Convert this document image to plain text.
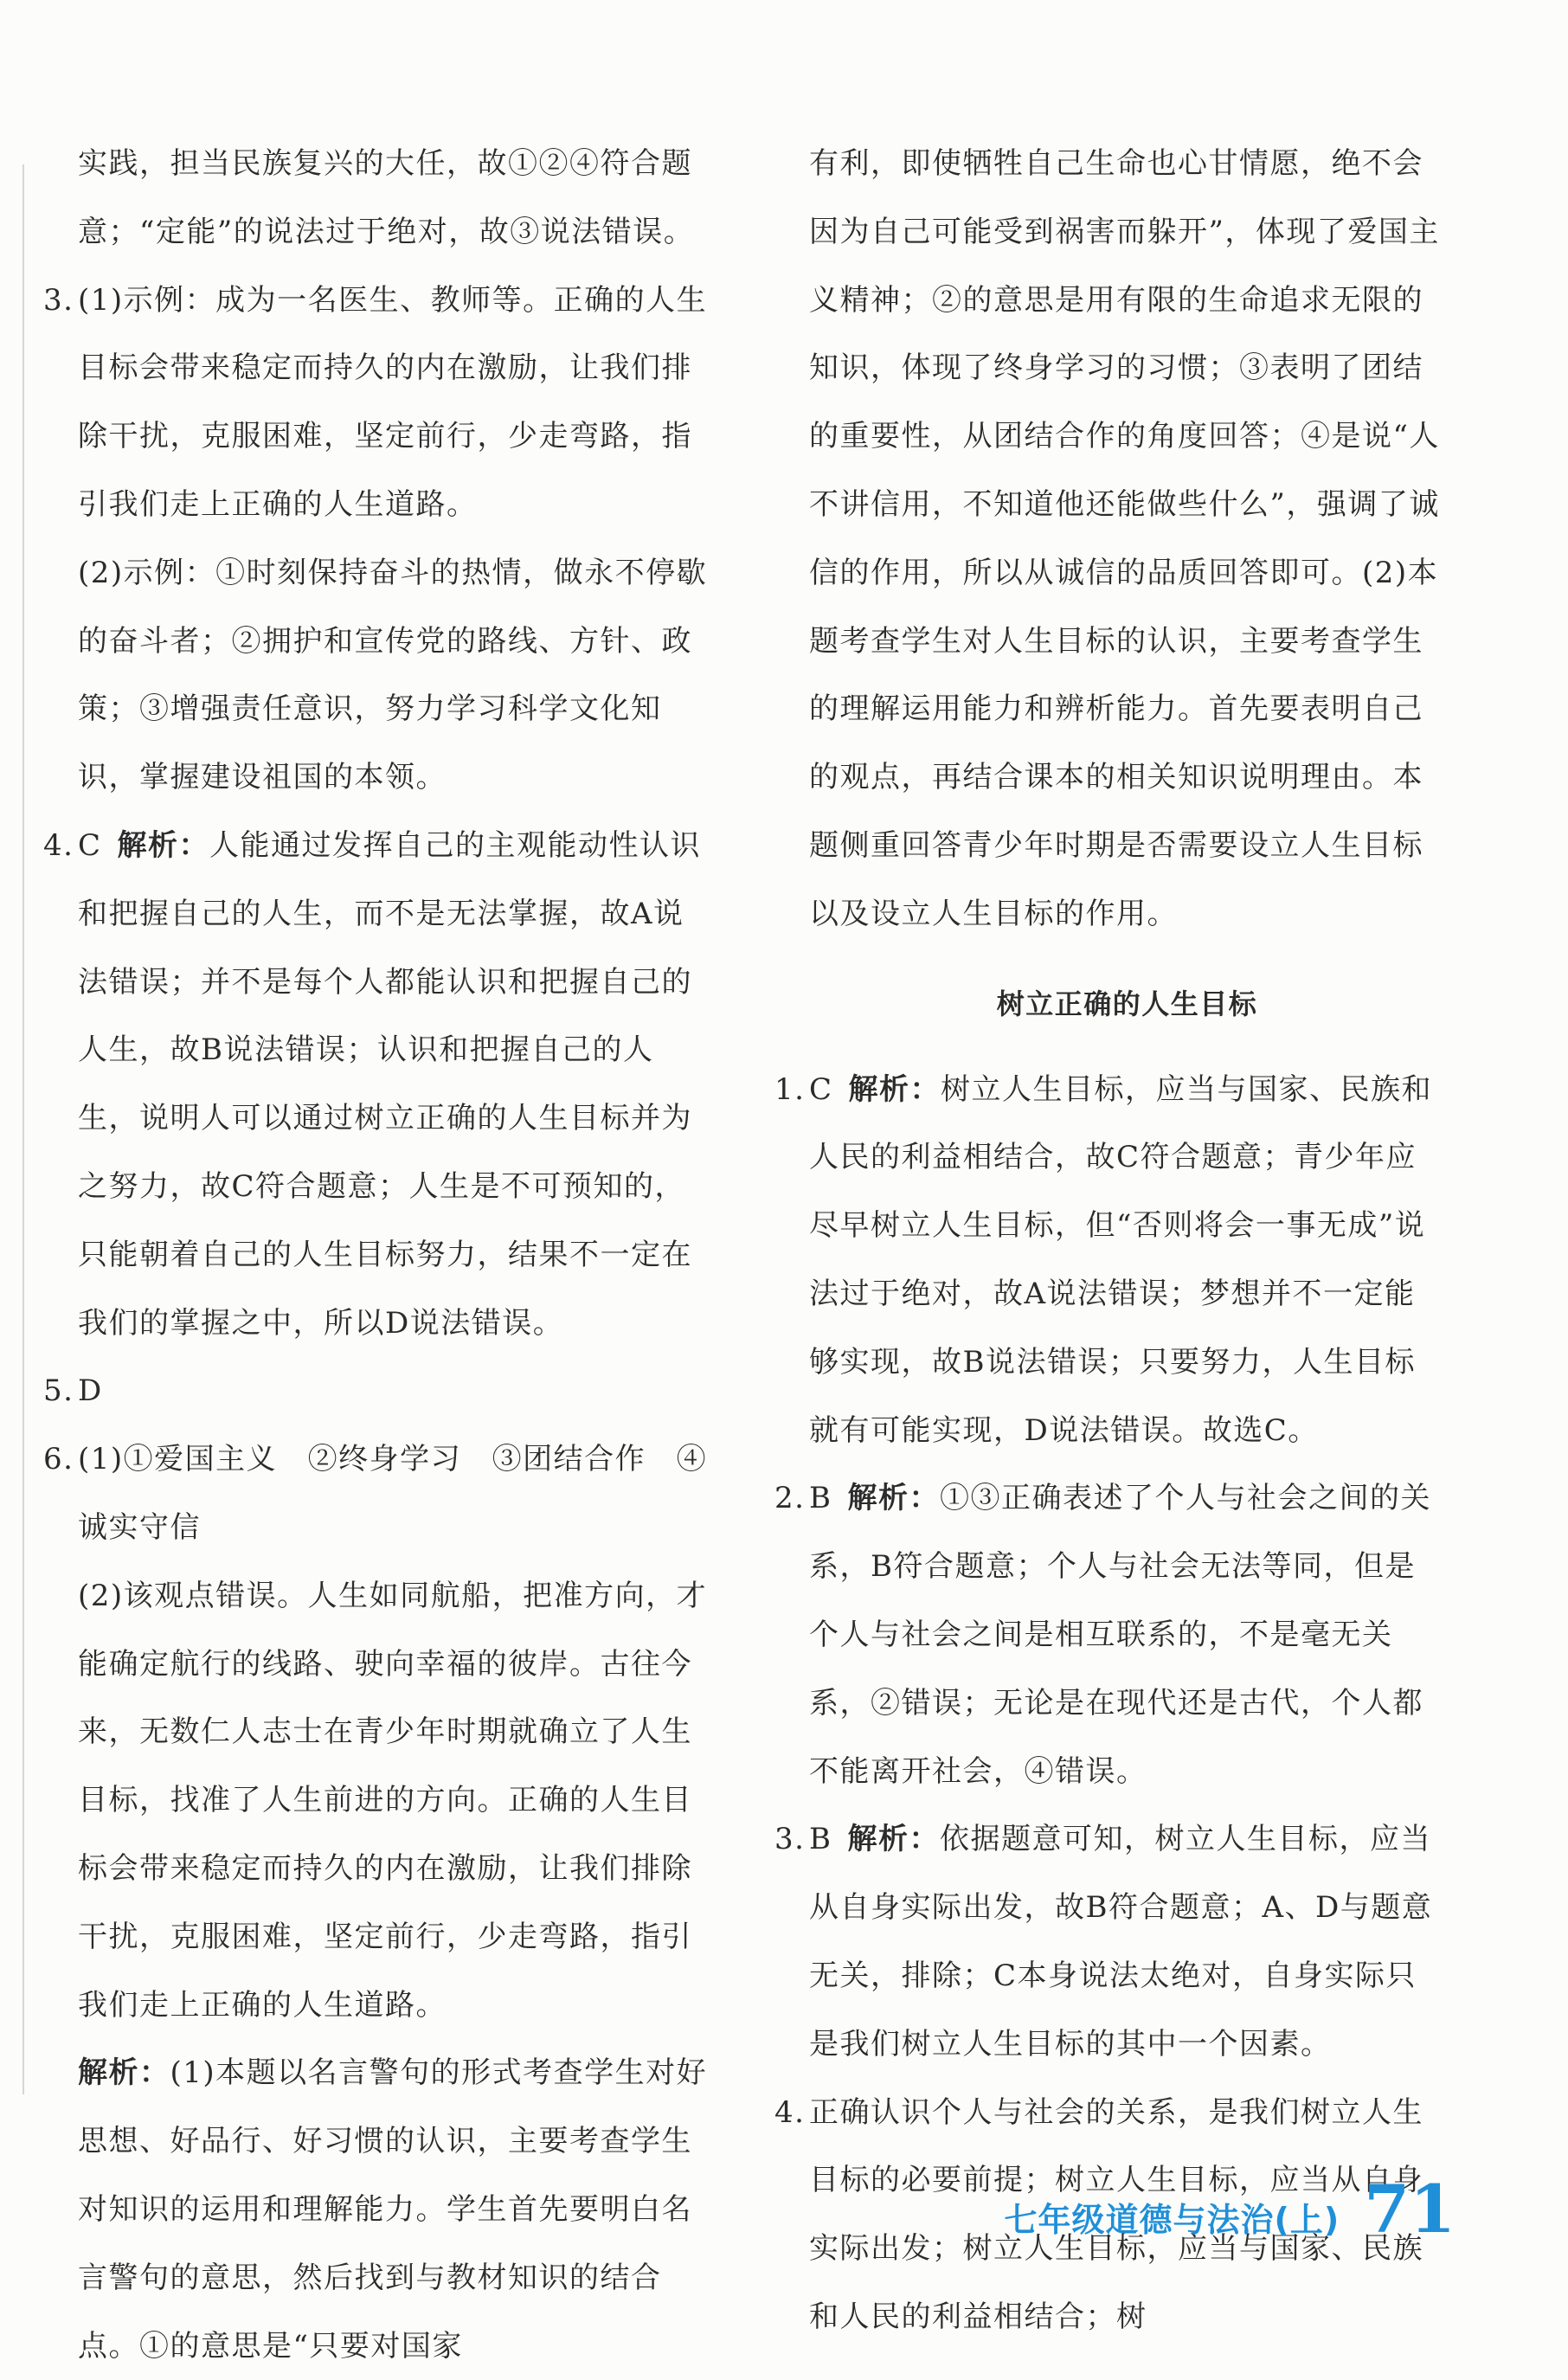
实践，担当民族复兴的大任，故①②④符合题意；“定能”的说法过于绝对，故③说法错误。

3. (1)示例：成为一名医生、教师等。正确的人生目标会带来稳定而持久的内在激励，让我们排除干扰，克服困难，坚定前行，少走弯路，指引我们走上正确的人生道路。

(2)示例：①时刻保持奋斗的热情，做永不停歇的奋斗者；②拥护和宣传党的路线、方针、政策；③增强责任意识，努力学习科学文化知识，掌握建设祖国的本领。

4. C 解析：人能通过发挥自己的主观能动性认识和把握自己的人生，而不是无法掌握，故A说法错误；并不是每个人都能认识和把握自己的人生，故B说法错误；认识和把握自己的人生，说明人可以通过树立正确的人生目标并为之努力，故C符合题意；人生是不可预知的，只能朝着自己的人生目标努力，结果不一定在我们的掌握之中，所以D说法错误。

5. D

6. (1)①爱国主义　②终身学习　③团结合作　④诚实守信

(2)该观点错误。人生如同航船，把准方向，才能确定航行的线路、驶向幸福的彼岸。古往今来，无数仁人志士在青少年时期就确立了人生目标，找准了人生前进的方向。正确的人生目标会带来稳定而持久的内在激励，让我们排除干扰，克服困难，坚定前行，少走弯路，指引我们走上正确的人生道路。

解析：(1)本题以名言警句的形式考查学生对好思想、好品行、好习惯的认识，主要考查学生对知识的运用和理解能力。学生首先要明白名言警句的意思，然后找到与教材知识的结合点。①的意思是“只要对国家

有利，即使牺牲自己生命也心甘情愿，绝不会因为自己可能受到祸害而躲开”，体现了爱国主义精神；②的意思是用有限的生命追求无限的知识，体现了终身学习的习惯；③表明了团结的重要性，从团结合作的角度回答；④是说“人不讲信用，不知道他还能做些什么”，强调了诚信的作用，所以从诚信的品质回答即可。(2)本题考查学生对人生目标的认识，主要考查学生的理解运用能力和辨析能力。首先要表明自己的观点，再结合课本的相关知识说明理由。本题侧重回答青少年时期是否需要设立人生目标以及设立人生目标的作用。

树立正确的人生目标

1. C 解析：树立人生目标，应当与国家、民族和人民的利益相结合，故C符合题意；青少年应尽早树立人生目标，但“否则将会一事无成”说法过于绝对，故A说法错误；梦想并不一定能够实现，故B说法错误；只要努力，人生目标就有可能实现，D说法错误。故选C。

2. B 解析：①③正确表述了个人与社会之间的关系，B符合题意；个人与社会无法等同，但是个人与社会之间是相互联系的，不是毫无关系，②错误；无论是在现代还是古代，个人都不能离开社会，④错误。

3. B 解析：依据题意可知，树立人生目标，应当从自身实际出发，故B符合题意；A、D与题意无关，排除；C本身说法太绝对，自身实际只是我们树立人生目标的其中一个因素。

4. 正确认识个人与社会的关系，是我们树立人生目标的必要前提；树立人生目标，应当从自身实际出发；树立人生目标，应当与国家、民族和人民的利益相结合；树

七年级道德与法治(上) 71
